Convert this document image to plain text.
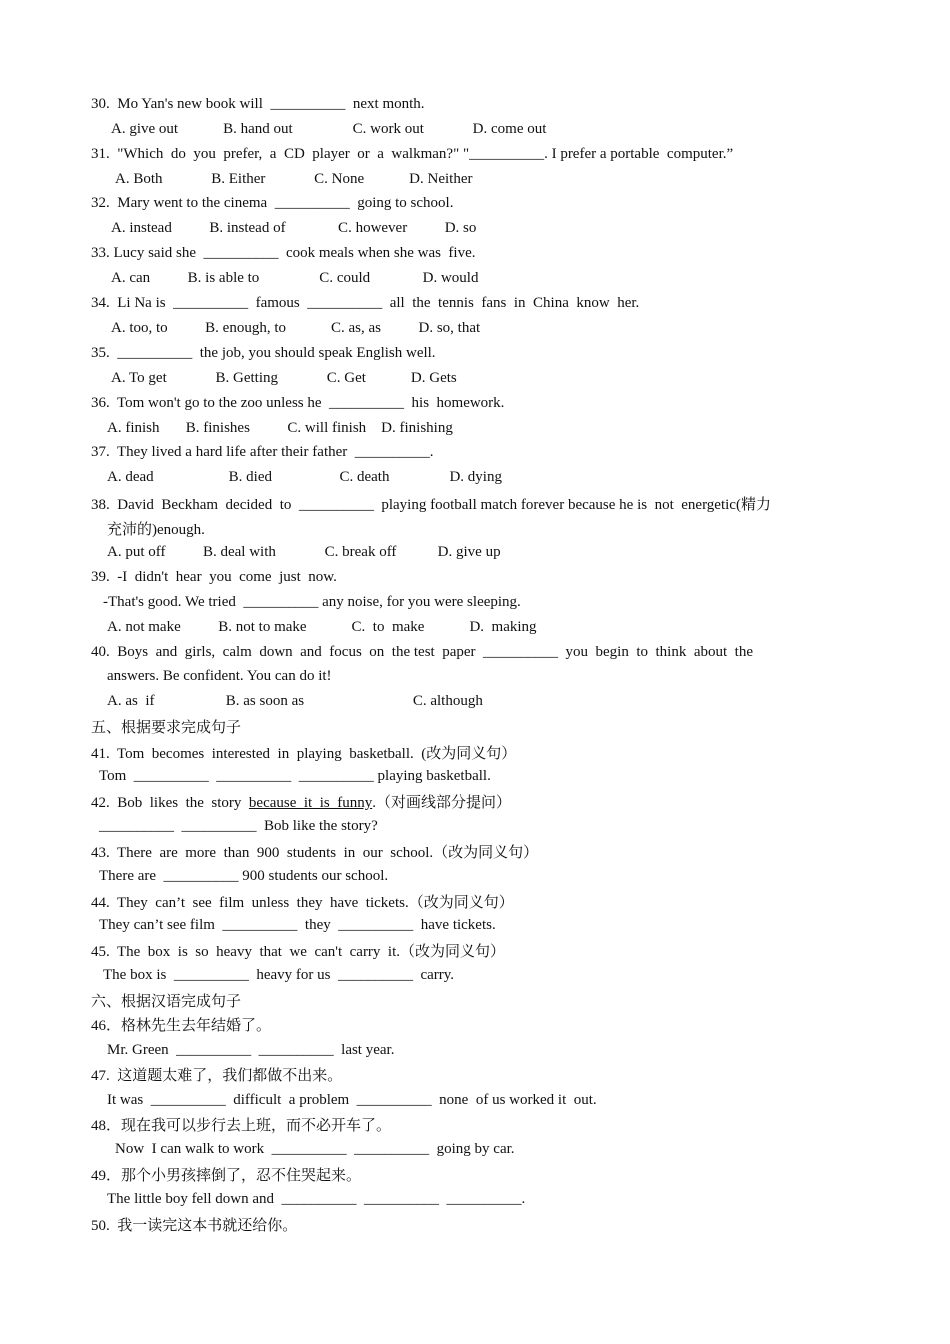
30.  Mo Yan's new book will  __________  next month.
A. give out            B. hand out                C. work out             D. come out
31.  "Which  do  you  prefer,  a  CD  player  or  a  walkman?" "__________. I prefer a portable  computer.”
A. Both             B. Either             C. None            D. Neither
32.  Mary went to the cinema  __________  going to school.
A. instead          B. instead of              C. however          D. so
33. Lucy said she  __________  cook meals when she was  five.
A. can          B. is able to                C. could              D. would
34.  Li Na is  __________  famous  __________  all  the  tennis  fans  in  China  know  her.
A. too, to          B. enough, to            C. as, as          D. so, that
35.  __________  the job, you should speak English well.
A. To get             B. Getting             C. Get            D. Gets
36.  Tom won't go to the zoo unless he  __________  his  homework.
A. finish       B. finishes          C. will finish    D. finishing
37.  They lived a hard life after their father  __________.
A. dead                    B. died                  C. death                D. dying
38.  David  Beckham  decided  to  __________  playing football match forever because he is  not  energetic(精力
充沛的)enough.
A. put off          B. deal with             C. break off           D. give up
39.  -I  didn't  hear  you  come  just  now.
-That's good. We tried  __________ any noise, for you were sleeping.
A. not make          B. not to make            C.  to  make            D.  making
40.  Boys  and  girls,  calm  down  and  focus  on  the test  paper  __________  you  begin  to  think  about  the
answers. Be confident. You can do it!
A. as  if                   B. as soon as                             C. although
五、根据要求完成句子
41.  Tom  becomes  interested  in  playing  basketball.  (改为同义句）
Tom  __________  __________  __________ playing basketball.
42. Bob  likes  the  story because  it  is  funny.（对画线部分提问）
__________  __________  Bob like the story?
43.  There  are  more  than  900  students  in  our  school.（改为同义句）
There are  __________ 900 students our school.
44.  They  can’t  see  film  unless  they  have  tickets.（改为同义句）
They can’t see film  __________  they  __________  have tickets.
45.  The  box  is  so  heavy  that  we  can't  carry  it.（改为同义句）
The box is  __________  heavy for us  __________  carry.
六、根据汉语完成句子
46．格林先生去年结婚了。
Mr. Green  __________  __________  last year.
47.  这道题太难了，我们都做不出来。
It was  __________  difficult  a problem  __________  none  of us worked it  out.
48．现在我可以步行去上班，而不必开车了。
Now  I can walk to work  __________  __________  going by car.
49．那个小男孩摔倒了，忍不住哭起来。
The little boy fell down and  __________  __________  __________.
50.  我一读完这本书就还给你。
